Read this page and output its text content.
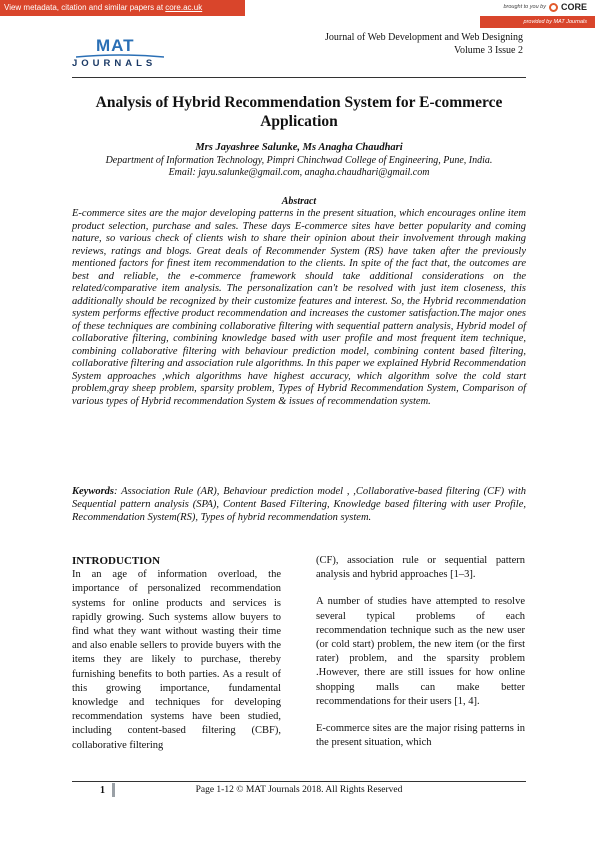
View metadata, citation and similar papers at core.ac.uk	brought to you by CORE
provided by MAT Journals
MAT
JOURNALS
Journal of Web Development and Web Designing
Volume 3 Issue 2
Analysis of Hybrid Recommendation System for E-commerce Application
Mrs Jayashree Salunke, Ms Anagha Chaudhari
Department of Information Technology, Pimpri Chinchwad College of Engineering, Pune, India.
Email: jayu.salunke@gmail.com, anagha.chaudhari@gmail.com
Abstract
E-commerce sites are the major developing patterns in the present situation, which encourages online item product selection, purchase and sales. These days E-commerce sites have better popularity and coming nature, so various check of clients wish to share their opinion about their involvement through making reviews, ratings and blogs. Great deals of Recommender System (RS) have taken after the previously mentioned factors for finest item recommendation to the clients. In spite of the fact that, the outcomes are best and reliable, the e-commerce framework should take additional considerations on the related/comparative item analysis. The personalization can't be resolved with just item closeness, this additionally should be recognized by their customize features and interest. So, the Hybrid recommendation system performs effective product recommendation and increases the customer satisfaction.The major ones of these techniques are combining collaborative filtering with sequential pattern analysis, Hybrid model of collaborative filtering, combining knowledge based with user profile and most frequent item technique, combining collaborative filtering with behaviour prediction model, combining content based filtering, collaborative filtering and association rule algorithms. In this paper we explained Hybrid Recommendation System approaches ,which algorithms have highest accuracy, which algorithm solve the cold start problem,gray sheep problem, sparsity problem, Types of Hybrid Recommendation System, Comparison of various types of Hybrid recommendation System & issues of recommendation system.
Keywords: Association Rule (AR), Behaviour prediction model , ,Collaborative-based filtering (CF) with Sequential pattern analysis (SPA), Content Based Filtering, Knowledge based filtering with user Profile, Recommendation System(RS), Types of hybrid recommendation system.
INTRODUCTION

In an age of information overload, the importance of personalized recommendation systems for online products and services is rapidly growing. Such systems allow buyers to find what they want without wasting their time and also enable sellers to provide buyers with the items they are likely to purchase, thereby furnishing benefits to both parties. As a result of this growing importance, fundamental knowledge and techniques for developing recommendation systems have been studied, including content-based filtering (CBF), collaborative filtering

(CF), association rule or sequential pattern analysis and hybrid approaches [1–3].

A number of studies have attempted to resolve several typical problems of each recommendation technique such as the new user (or cold start) problem, the new item (or the first rater) problem, and the sparsity problem .However, there are still issues for how online shopping malls can make better recommendations for their users [1, 4].

E-commerce sites are the major rising patterns in the present situation, which

1	Page 1-12 © MAT Journals 2018. All Rights Reserved
